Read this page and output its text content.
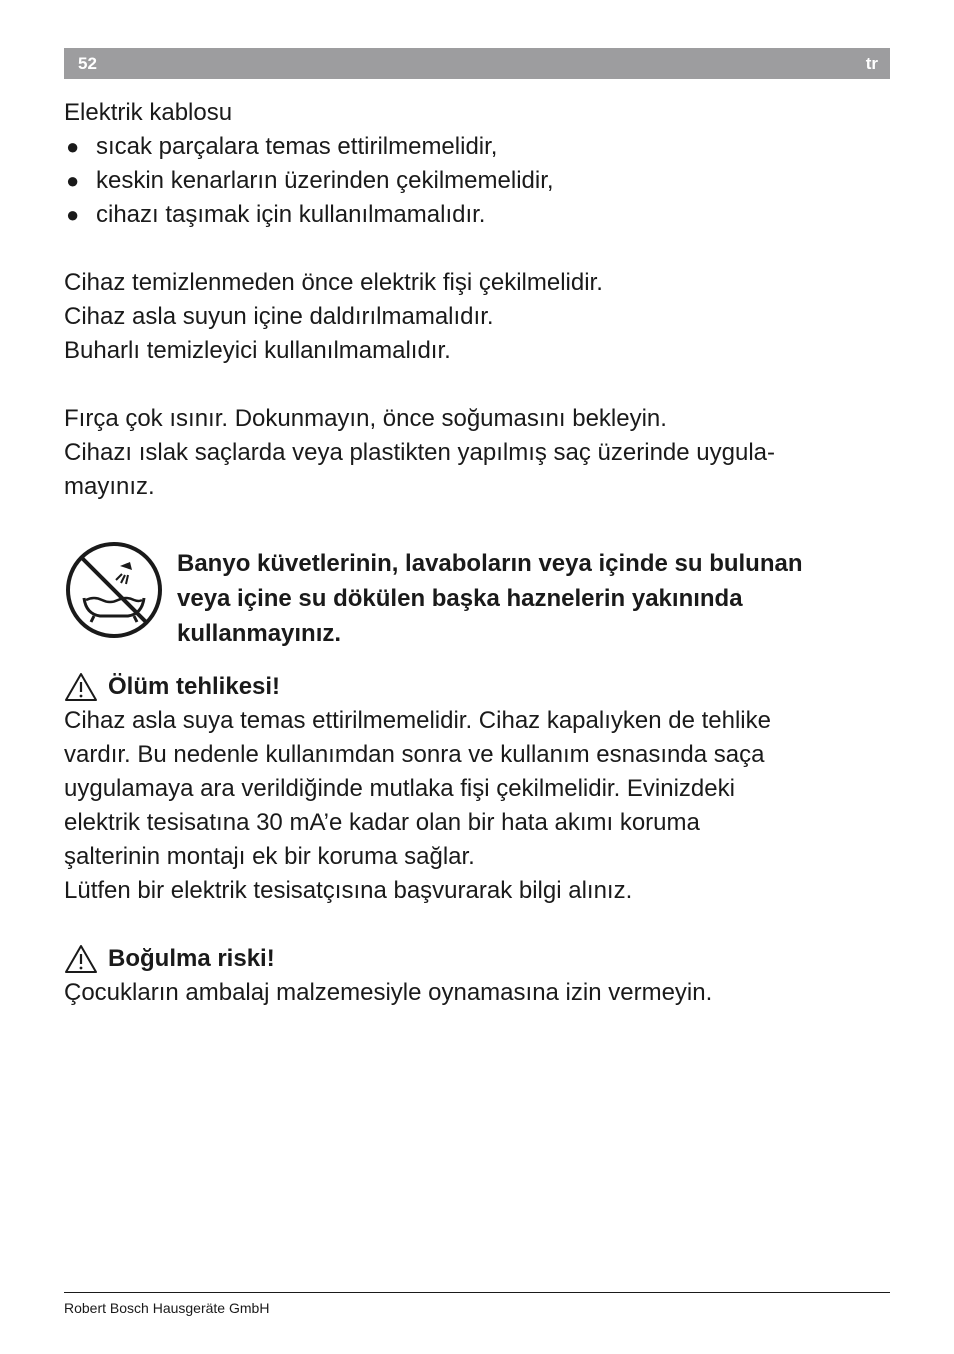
52	tr

Elektrik kablosu

● sıcak parçalara temas ettirilmemelidir,
● keskin kenarların üzerinden çekilmemelidir,
● cihazı taşımak için kullanılmamalıdır.

Cihaz temizlenmeden önce elektrik fişi çekilmelidir.

Cihaz asla suyun içine daldırılmamalıdır.

Buharlı temizleyici kullanılmamalıdır.

Fırça çok ısınır. Dokunmayın, önce soğumasını bekleyin.

Cihazı ıslak saçlarda veya plastikten yapılmış saç üzerinde uygula-

mayınız.

Banyo küvetlerinin, lavaboların veya içinde su bulunan

veya içine su dökülen başka haznelerin yakınında

kullanmayınız.

Ölüm tehlikesi!

Cihaz asla suya temas ettirilmemelidir. Cihaz kapalıyken de tehlike

vardır. Bu nedenle kullanımdan sonra ve kullanım esnasında saça

uygulamaya ara verildiğinde mutlaka fişi çekilmelidir. Evinizdeki

elektrik tesisatına 30 mA’e kadar olan bir hata akımı koruma

şalterinin montajı ek bir koruma sağlar.

Lütfen bir elektrik tesisatçısına başvurarak bilgi alınız.

Boğulma riski!

Çocukların ambalaj malzemesiyle oynamasına izin vermeyin.

Robert Bosch Hausgeräte GmbH
